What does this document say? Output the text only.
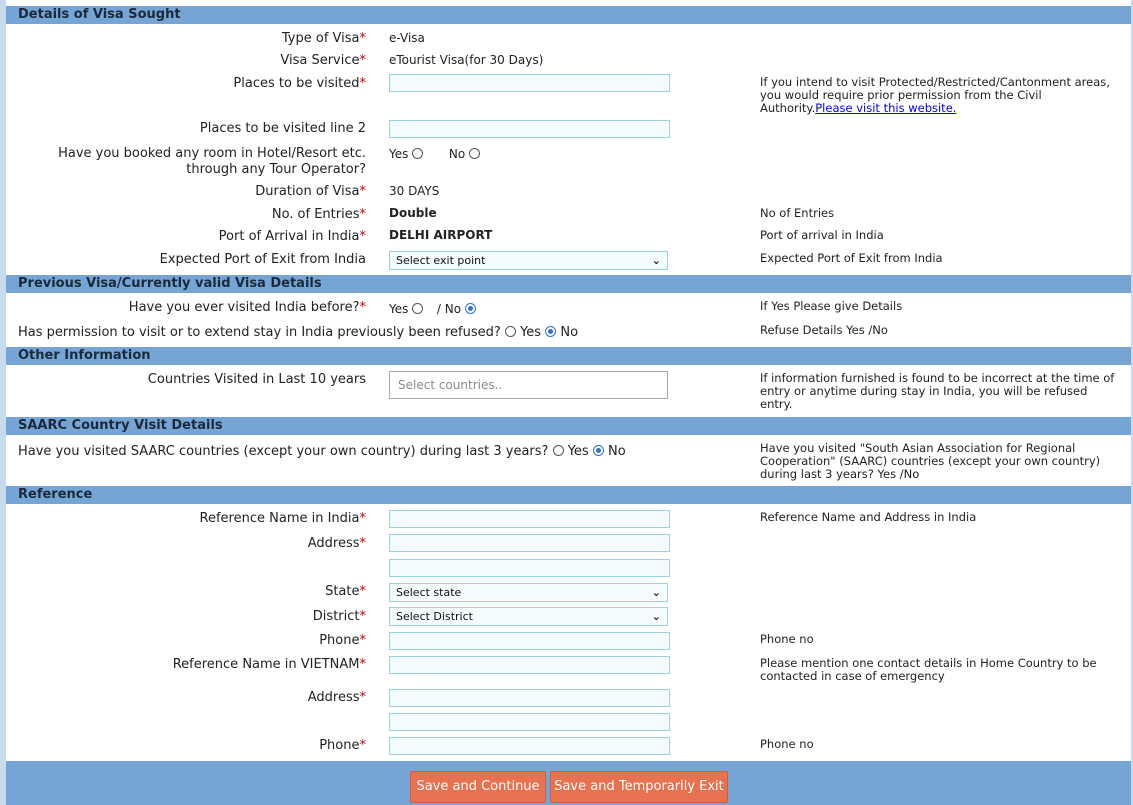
Details of Visa Sought
Type of Visa* e-Visa
Visa Service* eTourist Visa(for 30 Days)
Places to be visited*	If you intend to visit Protected/Restricted/Cantonment areas, you would require prior permission from the Civil Authority.Please visit this website.
Places to be visited line 2
Have you booked any room in Hotel/Resort etc.
through any Tour Operator?
Yes	No
Duration of Visa* 30 DAYS
No. of Entries* Double	No of Entries
Port of Arrival in India* DELHI AIRPORT	Port of arrival in India
Expected Port of Exit from India	Select exit point	⌄	Expected Port of Exit from India
Previous Visa/Currently valid Visa Details
Have you ever visited India before?* Yes / No	If Yes Please give Details
Has permission to visit or to extend stay in India previously been refused? Yes No	Refuse Details Yes /No
Other Information
Countries Visited in Last 10 years	Select countries..	If information furnished is found to be incorrect at the time of entry or anytime during stay in India, you will be refused entry.
SAARC Country Visit Details
Have you visited SAARC countries (except your own country) during last 3 years? Yes No	Have you visited "South Asian Association for Regional Cooperation" (SAARC) countries (except your own country) during last 3 years? Yes /No
Reference
Reference Name in India*	Reference Name and Address in India
Address*
State*	Select state	⌄
District*	Select District	⌄
Phone*	Phone no
Reference Name in VIETNAM*	Please mention one contact details in Home Country to be contacted in case of emergency
Address*
Phone*	Phone no
Save and Continue	Save and Temporarily Exit
